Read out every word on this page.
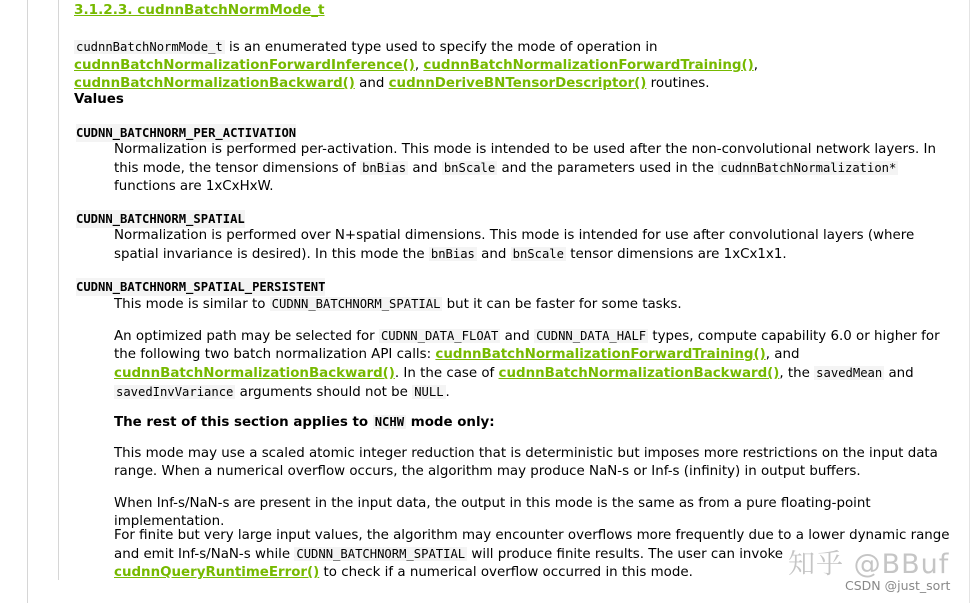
3.1.2.3. cudnnBatchNormMode_t
cudnnBatchNormMode_t is an enumerated type used to specify the mode of operation in cudnnBatchNormalizationForwardInference(), cudnnBatchNormalizationForwardTraining(), cudnnBatchNormalizationBackward() and cudnnDeriveBNTensorDescriptor() routines.
Values
CUDNN_BATCHNORM_PER_ACTIVATION
Normalization is performed per-activation. This mode is intended to be used after the non-convolutional network layers. In this mode, the tensor dimensions of bnBias and bnScale and the parameters used in the cudnnBatchNormalization* functions are 1xCxHxW.
CUDNN_BATCHNORM_SPATIAL
Normalization is performed over N+spatial dimensions. This mode is intended for use after convolutional layers (where spatial invariance is desired). In this mode the bnBias and bnScale tensor dimensions are 1xCx1x1.
CUDNN_BATCHNORM_SPATIAL_PERSISTENT
This mode is similar to CUDNN_BATCHNORM_SPATIAL but it can be faster for some tasks.
An optimized path may be selected for CUDNN_DATA_FLOAT and CUDNN_DATA_HALF types, compute capability 6.0 or higher for the following two batch normalization API calls: cudnnBatchNormalizationForwardTraining(), and cudnnBatchNormalizationBackward(). In the case of cudnnBatchNormalizationBackward(), the savedMean and savedInvVariance arguments should not be NULL .
The rest of this section applies to NCHW mode only:
This mode may use a scaled atomic integer reduction that is deterministic but imposes more restrictions on the input data range. When a numerical overflow occurs, the algorithm may produce NaN-s or Inf-s (infinity) in output buffers.
When Inf-s/NaN-s are present in the input data, the output in this mode is the same as from a pure floating-point implementation.
For finite but very large input values, the algorithm may encounter overflows more frequently due to a lower dynamic range and emit Inf-s/NaN-s while CUDNN_BATCHNORM_SPATIAL will produce finite results. The user can invoke cudnnQueryRuntimeError() to check if a numerical overflow occurred in this mode.	知乎 @BBuf
CSDN @just_sort
